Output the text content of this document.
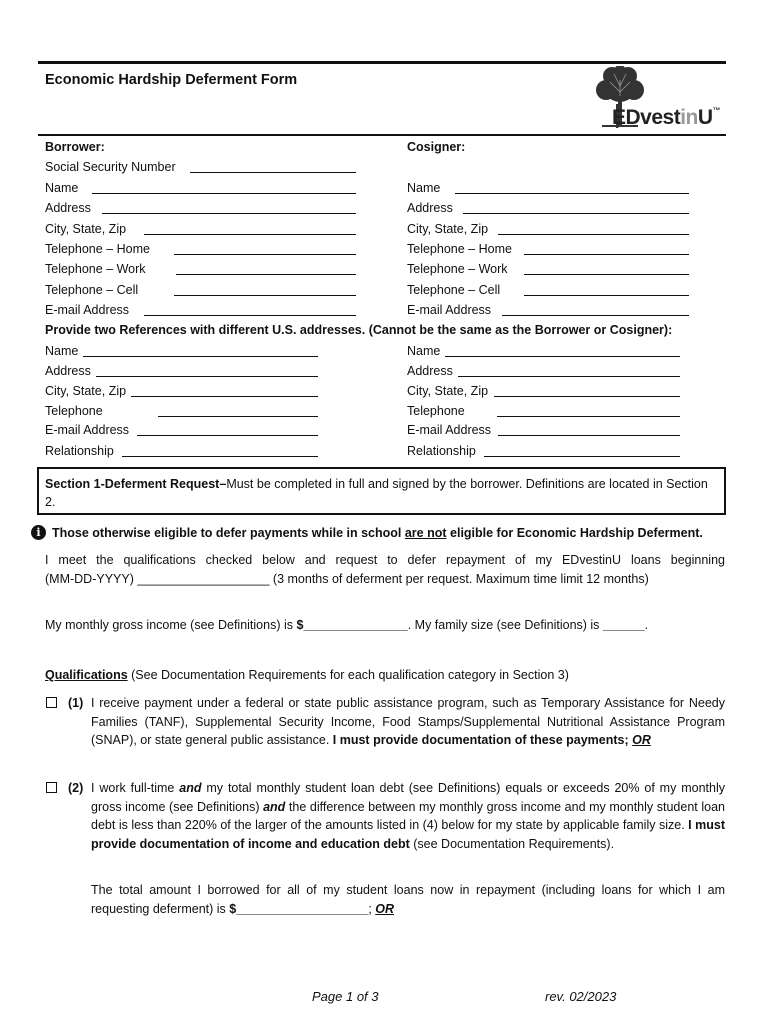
Economic Hardship Deferment Form
EDvestinU™
Borrower:
Social Security Number
Name
Address
City, State, Zip
Telephone – Home
Telephone – Work
Telephone – Cell
E-mail Address
Cosigner:
Name
Address
City, State, Zip
Telephone – Home
Telephone – Work
Telephone – Cell
E-mail Address
Provide two References with different U.S. addresses. (Cannot be the same as the Borrower or Cosigner):
Name
Address
City, State, Zip
Telephone
E-mail Address
Relationship
Name
Address
City, State, Zip
Telephone
E-mail Address
Relationship
Section 1-Deferment Request–Must be completed in full and signed by the borrower. Definitions are located in Section 2.
i Those otherwise eligible to defer payments while in school are not eligible for Economic Hardship Deferment.
I meet the qualifications checked below and request to defer repayment of my EDvestinU loans beginning
(MM-DD-YYYY) ___________________ (3 months of deferment per request. Maximum time limit 12 months)
My monthly gross income (see Definitions) is $_______________. My family size (see Definitions) is ______.
Qualifications (See Documentation Requirements for each qualification category in Section 3)
(1) I receive payment under a federal or state public assistance program, such as Temporary Assistance for Needy Families (TANF), Supplemental Security Income, Food Stamps/Supplemental Nutritional Assistance Program (SNAP), or state general public assistance. I must provide documentation of these payments; OR
(2) I work full-time and my total monthly student loan debt (see Definitions) equals or exceeds 20% of my monthly gross income (see Definitions) and the difference between my monthly gross income and my monthly student loan debt is less than 220% of the larger of the amounts listed in (4) below for my state by applicable family size. I must provide documentation of income and education debt (see Documentation Requirements).
The total amount I borrowed for all of my student loans now in repayment (including loans for which I am requesting deferment) is $___________________; OR
Page 1 of 3	rev. 02/2023
